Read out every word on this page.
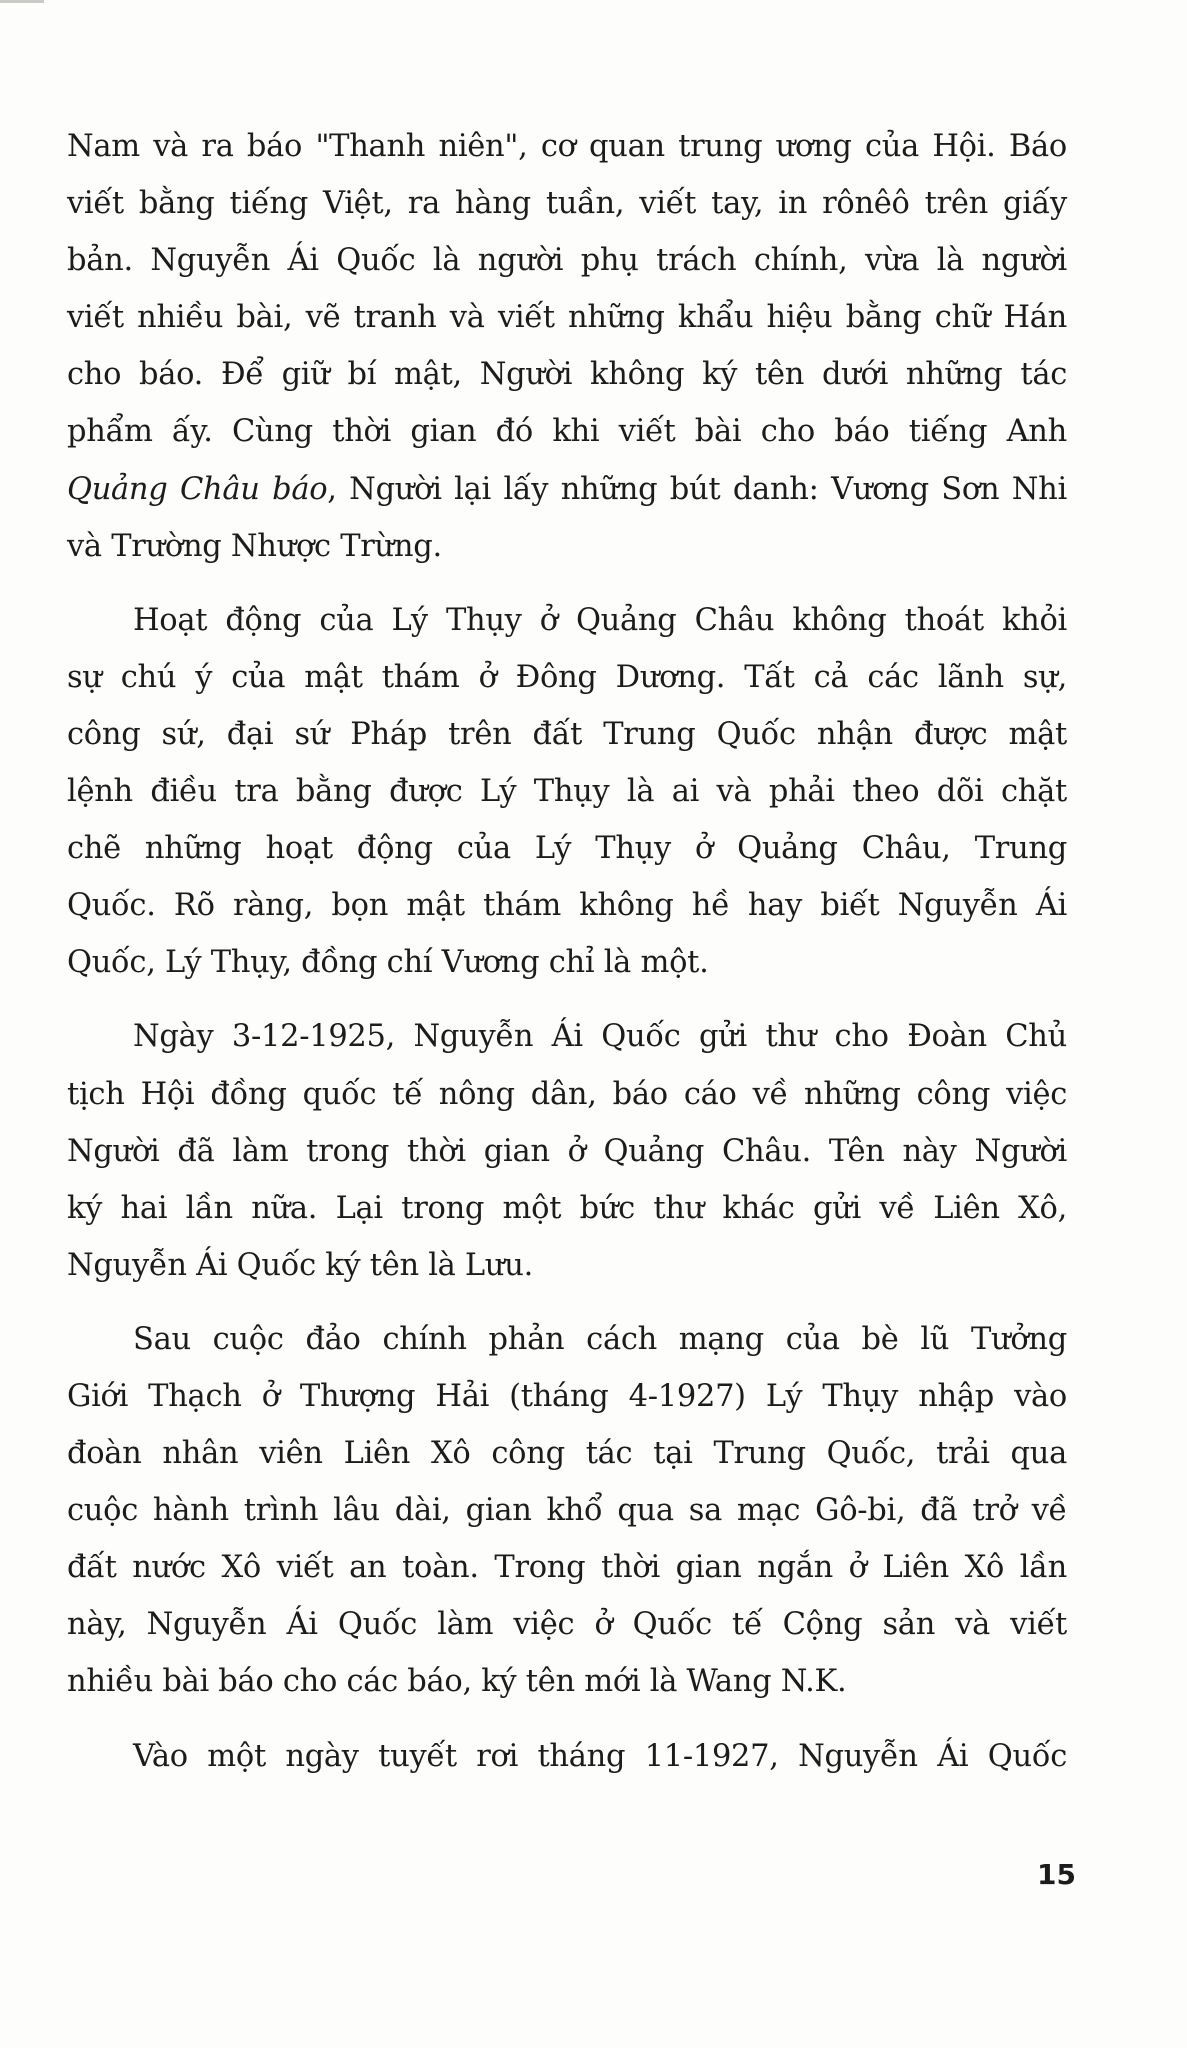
Nam và ra báo "Thanh niên", cơ quan trung ương của Hội. Báo
viết bằng tiếng Việt, ra hàng tuần, viết tay, in rônêô trên giấy
bản. Nguyễn Ái Quốc là người phụ trách chính, vừa là người
viết nhiều bài, vẽ tranh và viết những khẩu hiệu bằng chữ Hán
cho báo. Để giữ bí mật, Người không ký tên dưới những tác
phẩm ấy. Cùng thời gian đó khi viết bài cho báo tiếng Anh
Quảng Châu báo, Người lại lấy những bút danh: Vương Sơn Nhi
và Trường Nhược Trừng.
Hoạt động của Lý Thụy ở Quảng Châu không thoát khỏi
sự chú ý của mật thám ở Đông Dương. Tất cả các lãnh sự,
công sứ, đại sứ Pháp trên đất Trung Quốc nhận được mật
lệnh điều tra bằng được Lý Thụy là ai và phải theo dõi chặt
chẽ những hoạt động của Lý Thụy ở Quảng Châu, Trung
Quốc. Rõ ràng, bọn mật thám không hề hay biết Nguyễn Ái
Quốc, Lý Thụy, đồng chí Vương chỉ là một.
Ngày 3-12-1925, Nguyễn Ái Quốc gửi thư cho Đoàn Chủ
tịch Hội đồng quốc tế nông dân, báo cáo về những công việc
Người đã làm trong thời gian ở Quảng Châu. Tên này Người
ký hai lần nữa. Lại trong một bức thư khác gửi về Liên Xô,
Nguyễn Ái Quốc ký tên là Lưu.
Sau cuộc đảo chính phản cách mạng của bè lũ Tưởng
Giới Thạch ở Thượng Hải (tháng 4-1927) Lý Thụy nhập vào
đoàn nhân viên Liên Xô công tác tại Trung Quốc, trải qua
cuộc hành trình lâu dài, gian khổ qua sa mạc Gô-bi, đã trở về
đất nước Xô viết an toàn. Trong thời gian ngắn ở Liên Xô lần
này, Nguyễn Ái Quốc làm việc ở Quốc tế Cộng sản và viết
nhiều bài báo cho các báo, ký tên mới là Wang N.K.
Vào một ngày tuyết rơi tháng 11-1927, Nguyễn Ái Quốc
15
